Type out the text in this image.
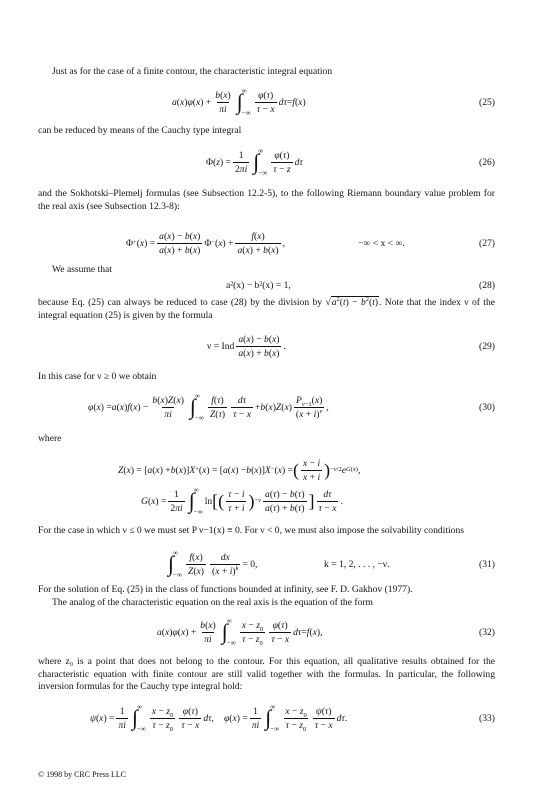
Just as for the case of a finite contour, the characteristic integral equation
a ( x ) φ ( x ) +
b(x)
πi ∫ ∞
−∞
φ(τ)
τ − x
dτ = f ( x )	(25)
can be reduced by means of the Cauchy type integral
Φ( z ) =
1
2πi ∫ ∞
−∞
φ(τ)
τ − z
dτ	(26)
and the Sokhotski–Plemelj formulas (see Subsection 12.2-5), to the following Riemann boundary value problem for the real axis (see Subsection 12.3-8):
Φ + ( x ) =
a(x) − b(x)
a(x) + b(x)
Φ − ( x ) +
f(x)
a(x) + b(x)
,	−∞ < x < ∞.	(27)
We assume that
a²(x) − b²(x) = 1,	(28)
because Eq. (25) can always be reduced to case (28) by the division by $√a^2(t) - b^2(t)$. Note that the index ν of the integral equation (25) is given by the formula
ν = Ind
a(x) − b(x)
a(x) + b(x)
.	(29)
In this case for ν ≥ 0 we obtain
φ ( x ) = a ( x ) f ( x ) −
b(x)Z(x)
πi ∫ ∞
−∞
f(τ)
Z(τ)
dτ
τ − x
+ b ( x ) Z ( x )
$P_{\nu-1}(x)$
$(x + i)^\nu$ ,	(30)
where
Z ( x ) = [ a ( x ) + b ( x )] X + ( x ) = [ a ( x ) − b ( x )] X − ( x ) = ( x − i
x + i ) −ν/2 e G(x) ,
G ( x ) =
1
2πi ∫ ∞
−∞
ln [ ( τ − i
τ + i ) −ν
a(τ) − b(τ)
a(τ) + b(τ) ] dτ
τ − x
.
For the case in which ν ≤ 0 we must set P ν−1(x) ≡ 0. For ν < 0, we must also impose the solvability conditions
∫ ∞
−∞
f(x)
$Z(x) \frac{dx}{(x + i)^k} = 0$,	k = 1, 2, . . . , −ν.	(31)
For the solution of Eq. (25) in the class of functions bounded at infinity, see F. D. Gakhov (1977).
The analog of the characteristic equation on the real axis is the equation of the form
a ( x ) φ ( x ) +
b(x)
πi ∫ ∞
−∞
$x - z_0$
$\tau - z_0$
φ(τ)
τ − x
dτ = f ( x ),	(32)
where z₀ is a point that does not belong to the contour. For this equation, all qualitative results obtained for the characteristic equation with finite contour are still valid together with the formulas. In particular, the following inversion formulas for the Cauchy type integral hold:
ψ ( x ) =
1
πi ∫ ∞
−∞
$x - z_0$
$\tau - z_0$
φ(τ)
τ − x
dτ , φ ( x ) =
1
πi ∫ ∞
−∞
$x - z_0$
$\tau - z_0$
ψ(τ)
τ − x
dτ .	(33)
© 1998 by CRC Press LLC
